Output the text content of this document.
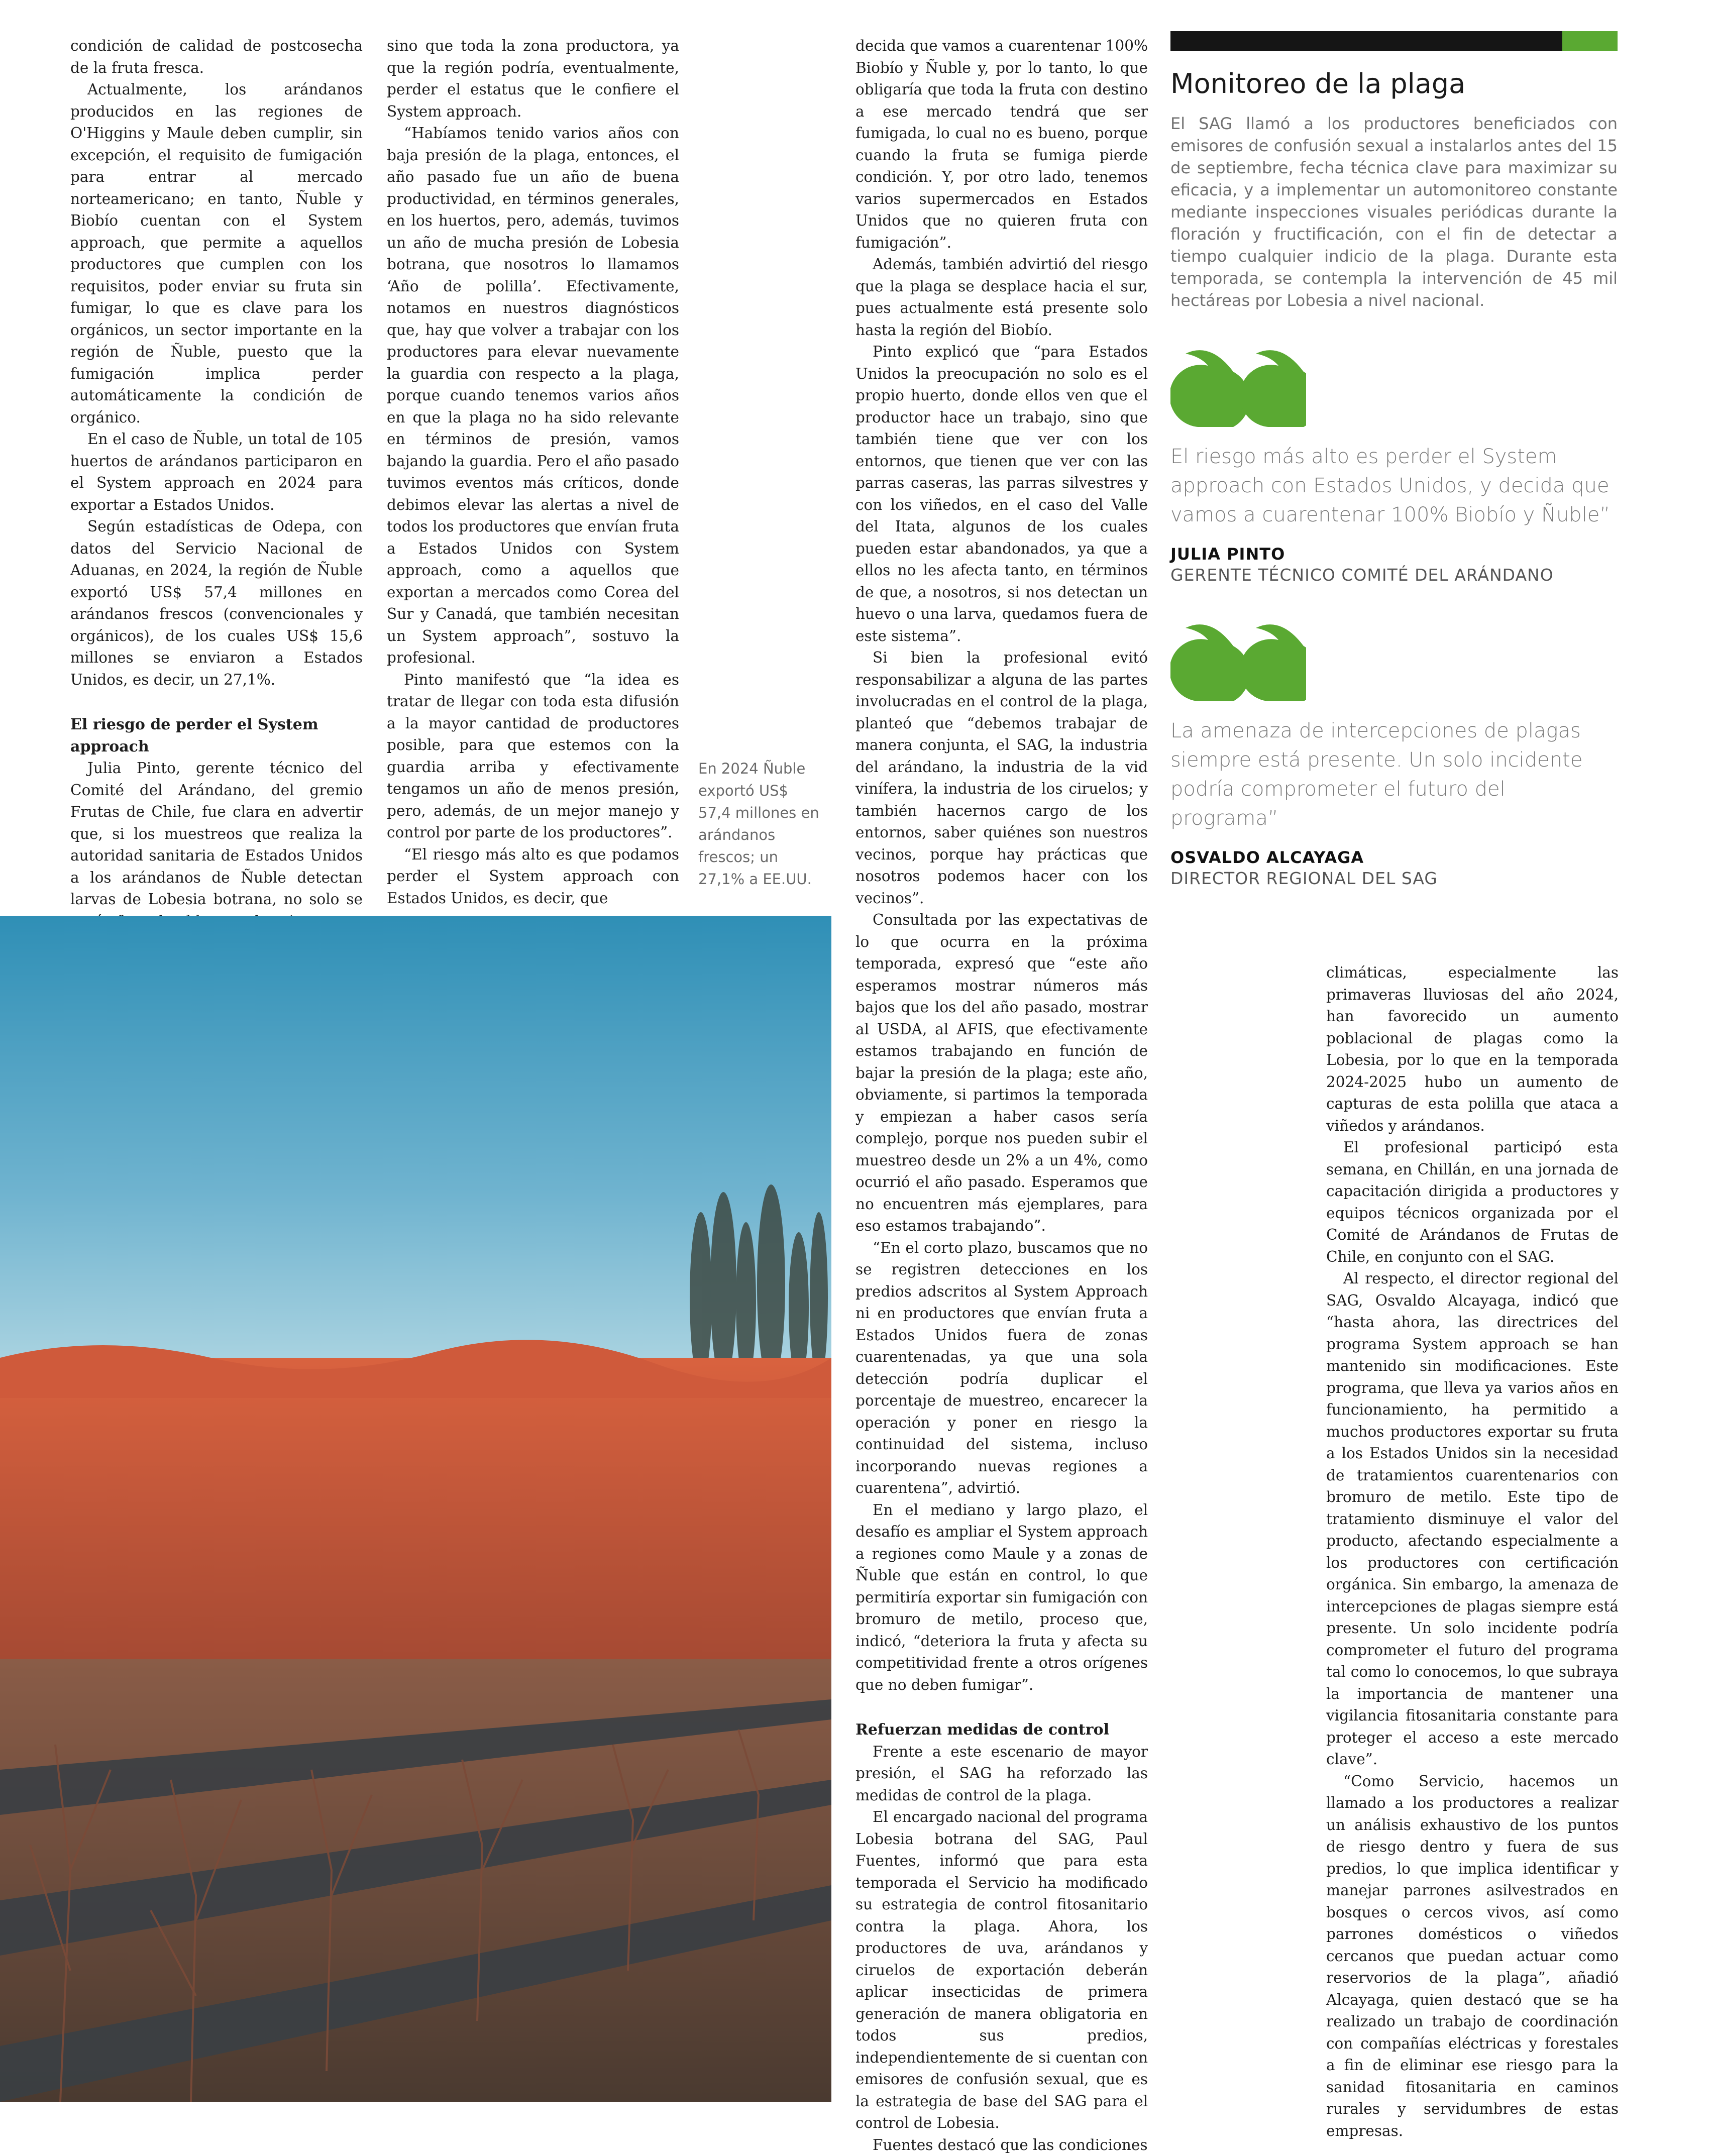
condición de calidad de postcosecha de la fruta fresca.

Actualmente, los arándanos producidos en las regiones de O'Higgins y Maule deben cumplir, sin excepción, el requisito de fumigación para entrar al mercado norteamericano; en tanto, Ñuble y Biobío cuentan con el System approach, que permite a aquellos productores que cumplen con los requisitos, poder enviar su fruta sin fumigar, lo que es clave para los orgánicos, un sector importante en la región de Ñuble, puesto que la fumigación implica perder automáticamente la condición de orgánico.

En el caso de Ñuble, un total de 105 huertos de arándanos participaron en el System approach en 2024 para exportar a Estados Unidos.

Según estadísticas de Odepa, con datos del Servicio Nacional de Aduanas, en 2024, la región de Ñuble exportó US$ 57,4 millones en arándanos frescos (convencionales y orgánicos), de los cuales US$ 15,6 millones se enviaron a Estados Unidos, es decir, un 27,1%.

El riesgo de perder el System approach

Julia Pinto, gerente técnico del Comité del Arándano, del gremio Frutas de Chile, fue clara en advertir que, si los muestreos que realiza la autoridad sanitaria de Estados Unidos a los arándanos de Ñuble detectan larvas de Lobesia botrana, no solo se

sino que toda la zona productora, ya que la región podría, eventualmente, perder el estatus que le confiere el System approach.

“Habíamos tenido varios años con baja presión de la plaga, entonces, el año pasado fue un año de buena productividad, en términos generales, en los huertos, pero, además, tuvimos un año de mucha presión de Lobesia botrana, que nosotros lo llamamos ‘Año de polilla’. Efectivamente, notamos en nuestros diagnósticos que, hay que volver a trabajar con los productores para elevar nuevamente la guardia con respecto a la plaga, porque cuando tenemos varios años en que la plaga no ha sido relevante en términos de presión, vamos bajando la guardia. Pero el año pasado tuvimos eventos más críticos, donde debimos elevar las alertas a nivel de todos los productores que envían fruta a Estados Unidos con System approach, como a aquellos que exportan a mercados como Corea del Sur y Canadá, que también necesitan un System approach”, sostuvo la profesional.

Pinto manifestó que “la idea es tratar de llegar con toda esta difusión a la mayor cantidad de productores posible, para que estemos con la guardia arriba y efectivamente tengamos un año de menos presión, pero, además, de un mejor manejo y control por parte de los productores”.

“El riesgo más alto es que podamos perder el System approach con Estados Unidos, es decir, que

En 2024 Ñuble exportó US$ 57,4 millones en arándanos frescos; un 27,1% a EE.UU.

decida que vamos a cuarentenar 100% Biobío y Ñuble y, por lo tanto, lo que obligaría que toda la fruta con destino a ese mercado tendrá que ser fumigada, lo cual no es bueno, porque cuando la fruta se fumiga pierde condición. Y, por otro lado, tenemos varios supermercados en Estados Unidos que no quieren fruta con fumigación”.

Además, también advirtió del riesgo que la plaga se desplace hacia el sur, pues actualmente está presente solo hasta la región del Biobío.

Pinto explicó que “para Estados Unidos la preocupación no solo es el propio huerto, donde ellos ven que el productor hace un trabajo, sino que también tiene que ver con los entornos, que tienen que ver con las parras caseras, las parras silvestres y con los viñedos, en el caso del Valle del Itata, algunos de los cuales pueden estar abandonados, ya que a ellos no les afecta tanto, en términos de que, a nosotros, si nos detectan un huevo o una larva, quedamos fuera de este sistema”.

Si bien la profesional evitó responsabilizar a alguna de las partes involucradas en el control de la plaga, planteó que “debemos trabajar de manera conjunta, el SAG, la industria del arándano, la industria de la vid vinífera, la industria de los ciruelos; y también hacernos cargo de los entornos, saber quiénes son nuestros vecinos, porque hay prácticas que nosotros podemos hacer con los vecinos”.

Consultada por las expectativas de lo que ocurra en la próxima temporada, expresó que “este año esperamos mostrar números más bajos que los del año pasado, mostrar al USDA, al AFIS, que efectivamente estamos trabajando en función de bajar la presión de la plaga; este año, obviamente, si partimos la temporada y empiezan a haber casos sería complejo, porque nos pueden subir el muestreo desde un 2% a un 4%, como ocurrió el año pasado. Esperamos que no encuentren más ejemplares, para eso estamos trabajando”.

“En el corto plazo, buscamos que no se registren detecciones en los predios adscritos al System Approach ni en productores que envían fruta a Estados Unidos fuera de zonas cuarentenadas, ya que una sola detección podría duplicar el porcentaje de muestreo, encarecer la operación y poner en riesgo la continuidad del sistema, incluso incorporando nuevas regiones a cuarentena”, advirtió.

En el mediano y largo plazo, el desafío es ampliar el System approach a regiones como Maule y a zonas de Ñuble que están en control, lo que permitiría exportar sin fumigación con bromuro de metilo, proceso que, indicó, “deteriora la fruta y afecta su competitividad frente a otros orígenes que no deben fumigar”.

Refuerzan medidas de control

Frente a este escenario de mayor presión, el SAG ha reforzado las medidas de control de la plaga.

El encargado nacional del programa Lobesia botrana del SAG, Paul Fuentes, informó que para esta temporada el Servicio ha modificado su estrategia de control fitosanitario contra la plaga. Ahora, los productores de uva, arándanos y ciruelos de exportación deberán aplicar insecticidas de primera generación de manera obligatoria en todos sus predios, independientemente de si cuentan con emisores de confusión sexual, que es la estrategia de base del SAG para el control de Lobesia.

Fuentes destacó que las condiciones

Monitoreo de la plaga

El SAG llamó a los productores beneficiados con emisores de confusión sexual a instalarlos antes del 15 de septiembre, fecha técnica clave para maximizar su eficacia, y a implementar un automonitoreo constante mediante inspecciones visuales periódicas durante la floración y fructificación, con el fin de detectar a tiempo cualquier indicio de la plaga. Durante esta temporada, se contempla la intervención de 45 mil hectáreas por Lobesia a nivel nacional.

El riesgo más alto es perder el System approach con Estados Unidos, y decida que vamos a cuarentenar 100% Biobío y Ñuble”

JULIA PINTO

GERENTE TÉCNICO COMITÉ DEL ARÁNDANO

La amenaza de intercepciones de plagas siempre está presente. Un solo incidente podría comprometer el futuro del programa”

OSVALDO ALCAYAGA

DIRECTOR REGIONAL DEL SAG

climáticas, especialmente las primaveras lluviosas del año 2024, han favorecido un aumento poblacional de plagas como la Lobesia, por lo que en la temporada 2024-2025 hubo un aumento de capturas de esta polilla que ataca a viñedos y arándanos.

El profesional participó esta semana, en Chillán, en una jornada de capacitación dirigida a productores y equipos técnicos organizada por el Comité de Arándanos de Frutas de Chile, en conjunto con el SAG.

Al respecto, el director regional del SAG, Osvaldo Alcayaga, indicó que “hasta ahora, las directrices del programa System approach se han mantenido sin modificaciones. Este programa, que lleva ya varios años en funcionamiento, ha permitido a muchos productores exportar su fruta a los Estados Unidos sin la necesidad de tratamientos cuarentenarios con bromuro de metilo. Este tipo de tratamiento disminuye el valor del producto, afectando especialmente a los productores con certificación orgánica. Sin embargo, la amenaza de intercepciones de plagas siempre está presente. Un solo incidente podría comprometer el futuro del programa tal como lo conocemos, lo que subraya la importancia de mantener una vigilancia fitosanitaria constante para proteger el acceso a este mercado clave”.

“Como Servicio, hacemos un llamado a los productores a realizar un análisis exhaustivo de los puntos de riesgo dentro y fuera de sus predios, lo que implica identificar y manejar parrones asilvestrados en bosques o cercos vivos, así como parrones domésticos o viñedos cercanos que puedan actuar como reservorios de la plaga”, añadió Alcayaga, quien destacó que se ha realizado un trabajo de coordinación con compañías eléctricas y forestales a fin de eliminar ese riesgo para la sanidad fitosanitaria en caminos rurales y servidumbres de estas empresas.
